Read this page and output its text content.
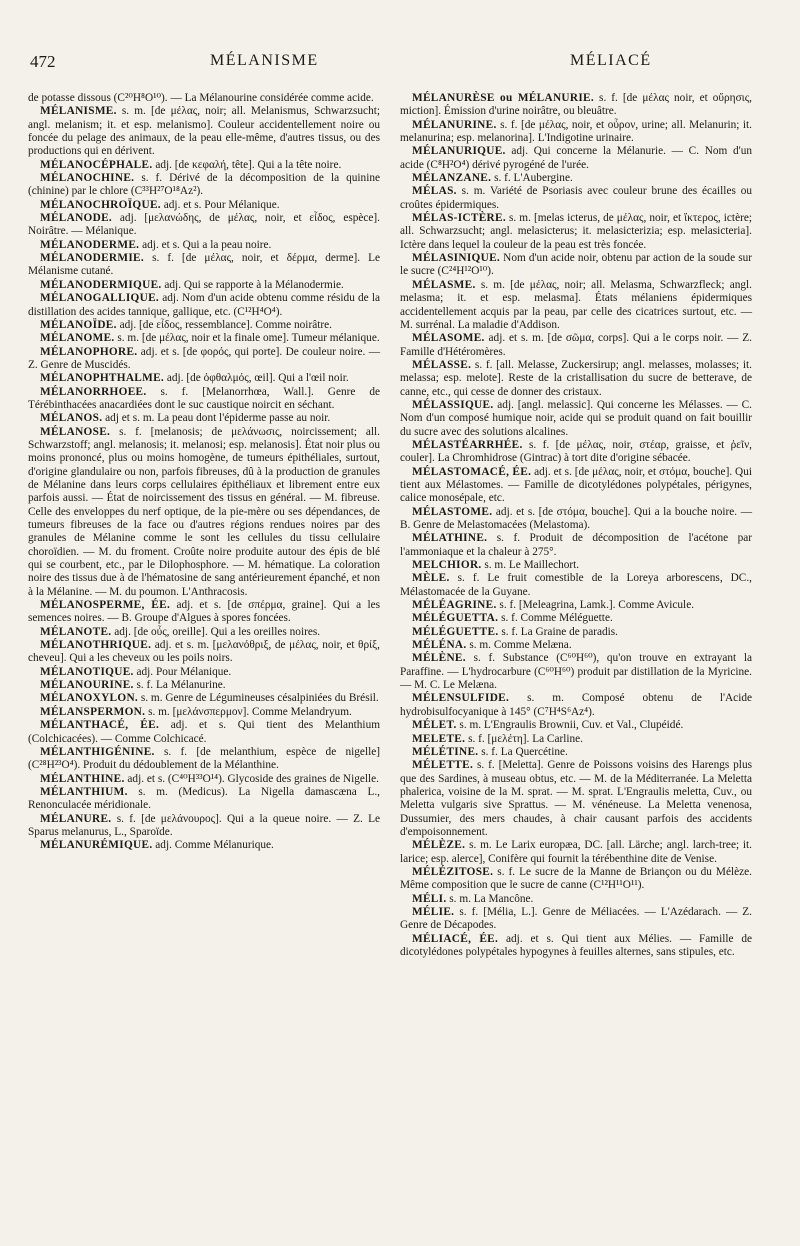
472	MÉLANISME	MÉLIACÉ

de potasse dissous (C²⁰H⁸O¹⁰). — La Mélanourine considérée comme acide.

MÉLANISME. s. m. [de μέλας, noir; all. Melanismus, Schwarzsucht; angl. melanism; it. et esp. melanismo]. Couleur accidentellement noire ou foncée du pelage des animaux, de la peau elle-même, d'autres tissus, ou des productions qui en dérivent.

MÉLANOCÉPHALE. adj. [de κεφαλή, tête]. Qui a la tête noire.

MÉLANOCHINE. s. f. Dérivé de la décomposition de la quinine (chinine) par le chlore (C³³H²⁷O¹⁸Az²).

MÉLANOCHROÏQUE. adj. et s. Pour Mélanique.

MÉLANODE. adj. [μελανώδης, de μέλας, noir, et εἶδος, espèce]. Noirâtre. — Mélanique.

MÉLANODERME. adj. et s. Qui a la peau noire.

MÉLANODERMIE. s. f. [de μέλας, noir, et δέρμα, derme]. Le Mélanisme cutané.

MÉLANODERMIQUE. adj. Qui se rapporte à la Mélanodermie.

MÉLANOGALLIQUE. adj. Nom d'un acide obtenu comme résidu de la distillation des acides tannique, gallique, etc. (C¹²H⁴O⁴).

MÉLANOÏDE. adj. [de εἶδος, ressemblance]. Comme noirâtre.

MÉLANOME. s. m. [de μέλας, noir et la finale ome]. Tumeur mélanique.

MÉLANOPHORE. adj. et s. [de φορός, qui porte]. De couleur noire. — Z. Genre de Muscidés.

MÉLANOPHTHALME. adj. [de ὀφθαλμός, œil]. Qui a l'œil noir.

MÉLANORRHOEE. s. f. [Melanorrhœa, Wall.]. Genre de Térébinthacées anacardiées dont le suc caustique noircit en séchant.

MÉLANOS. adj et s. m. La peau dont l'épiderme passe au noir.

MÉLANOSE. s. f. [melanosis; de μελάνωσις, noircissement; all. Schwarzstoff; angl. melanosis; it. melanosi; esp. melanosis]. État noir plus ou moins prononcé, plus ou moins homogène, de tumeurs épithéliales, surtout, d'origine glandulaire ou non, parfois fibreuses, dû à la production de granules de Mélanine dans leurs corps cellulaires épithéliaux et librement entre eux parfois aussi. — État de noircissement des tissus en général. — M. fibreuse. Celle des enveloppes du nerf optique, de la pie-mère ou ses dépendances, de tumeurs fibreuses de la face ou d'autres régions rendues noires par des granules de Mélanine comme le sont les cellules du tissu cellulaire choroïdien. — M. du froment. Croûte noire produite autour des épis de blé qui se courbent, etc., par le Dilophosphore. — M. hématique. La coloration noire des tissus due à de l'hématosine de sang antérieurement épanché, et non à la Mélanine. — M. du poumon. L'Anthracosis.

MÉLANOSPERME, ÉE. adj. et s. [de σπέρμα, graine]. Qui a les semences noires. — B. Groupe d'Algues à spores foncées.

MÉLANOTE. adj. [de οὖς, oreille]. Qui a les oreilles noires.

MÉLANOTHRIQUE. adj. et s. m. [μελανόθριξ, de μέλας, noir, et θρίξ, cheveu]. Qui a les cheveux ou les poils noirs.

MÉLANOTIQUE. adj. Pour Mélanique.

MÉLANOURINE. s. f. La Mélanurine.

MÉLANOXYLON. s. m. Genre de Légumineuses césalpiniées du Brésil.

MÉLANSPERMON. s. m. [μελάνσπερμον]. Comme Melandryum.

MÉLANTHACÉ, ÉE. adj. et s. Qui tient des Melanthium (Colchicacées). — Comme Colchicacé.

MÉLANTHIGÉNINE. s. f. [de melanthium, espèce de nigelle] (C²⁸H²³O⁴). Produit du dédoublement de la Mélanthine.

MÉLANTHINE. adj. et s. (C⁴⁰H³³O¹⁴). Glycoside des graines de Nigelle.

MÉLANTHIUM. s. m. (Medicus). La Nigella damascæna L., Renonculacée méridionale.

MÉLANURE. s. f. [de μελάνουρος]. Qui a la queue noire. — Z. Le Sparus melanurus, L., Sparoïde.

MÉLANURÉMIQUE. adj. Comme Mélanurique.

MÉLANURÈSE ou MÉLANURIE. s. f. [de μέλας noir, et οὔρησις, miction]. Émission d'urine noirâtre, ou bleuâtre.

MÉLANURINE. s. f. [de μέλας, noir, et οὖρον, urine; all. Melanurin; it. melanurina; esp. melanorina]. L'Indigotine urinaire.

MÉLANURIQUE. adj. Qui concerne la Mélanurie. — C. Nom d'un acide (C⁸H²O⁴) dérivé pyrogéné de l'urée.

MÉLANZANE. s. f. L'Aubergine.

MÉLAS. s. m. Variété de Psoriasis avec couleur brune des écailles ou croûtes épidermiques.

MÉLAS-ICTÈRE. s. m. [melas icterus, de μέλας, noir, et ἴκτερος, ictère; all. Schwarzsucht; angl. melasicterus; it. melasicterizia; esp. melasicteria]. Ictère dans lequel la couleur de la peau est très foncée.

MÉLASINIQUE. Nom d'un acide noir, obtenu par action de la soude sur le sucre (C²⁴H¹²O¹⁰).

MÉLASME. s. m. [de μέλας, noir; all. Melasma, Schwarzfleck; angl. melasma; it. et esp. melasma]. États mélaniens épidermiques accidentellement acquis par la peau, par celle des cicatrices surtout, etc. — M. surrénal. La maladie d'Addison.

MÉLASOME. adj. et s. m. [de σῶμα, corps]. Qui a le corps noir. — Z. Famille d'Hétéromères.

MÉLASSE. s. f. [all. Melasse, Zuckersirup; angl. melasses, molasses; it. melassa; esp. melote]. Reste de la cristallisation du sucre de betterave, de canne, etc., qui cesse de donner des cristaux.

MÉLASSIQUE. adj. [angl. melassic]. Qui concerne les Mélasses. — C. Nom d'un composé humique noir, acide qui se produit quand on fait bouillir du sucre avec des solutions alcalines.

MÉLASTÉARRHÉE. s. f. [de μέλας, noir, στέαρ, graisse, et ῥεῖν, couler]. La Chromhidrose (Gintrac) à tort dite d'origine sébacée.

MÉLASTOMACÉ, ÉE. adj. et s. [de μέλας, noir, et στόμα, bouche]. Qui tient aux Mélastomes. — Famille de dicotylédones polypétales, périgynes, calice monosépale, etc.

MÉLASTOME. adj. et s. [de στόμα, bouche]. Qui a la bouche noire. — B. Genre de Melastomacées (Melastoma).

MÉLATHINE. s. f. Produit de décomposition de l'acétone par l'ammoniaque et la chaleur à 275°.

MELCHIOR. s. m. Le Maillechort.

MÈLE. s. f. Le fruit comestible de la Loreya arborescens, DC., Mélastomacée de la Guyane.

MÉLÉAGRINE. s. f. [Meleagrina, Lamk.]. Comme Avicule.

MÉLÉGUETTA. s. f. Comme Méléguette.

MÉLÉGUETTE. s. f. La Graine de paradis.

MÉLÉNA. s. m. Comme Melæna.

MÉLÈNE. s. f. Substance (C⁶⁰H⁶⁰), qu'on trouve en extrayant la Paraffine. — L'hydrocarbure (C⁶⁰H⁶⁰) produit par distillation de la Myricine. — M. C. Le Melæna.

MÉLENSULFIDE. s. m. Composé obtenu de l'Acide hydrobisulfocyanique à 145° (C⁷H⁴S⁶Az⁴).

MÉLET. s. m. L'Engraulis Brownii, Cuv. et Val., Clupéidé.

MELETE. s. f. [μελέτη]. La Carline.

MÉLÉTINE. s. f. La Quercétine.

MÉLETTE. s. f. [Meletta]. Genre de Poissons voisins des Harengs plus que des Sardines, à museau obtus, etc. — M. de la Méditerranée. La Meletta phalerica, voisine de la M. sprat. — M. sprat. L'Engraulis meletta, Cuv., ou Meletta vulgaris sive Sprattus. — M. vénéneuse. La Meletta venenosa, Dussumier, des mers chaudes, à chair causant parfois des accidents d'empoisonnement.

MÉLÈZE. s. m. Le Larix europæa, DC. [all. Lärche; angl. larch-tree; it. larice; esp. alerce], Conifère qui fournit la térébenthine dite de Venise.

MÉLÉZITOSE. s. f. Le sucre de la Manne de Briançon ou du Mélèze. Même composition que le sucre de canne (C¹²H¹¹O¹¹).

MÉLI. s. m. La Mancône.

MÉLIE. s. f. [Mélia, L.]. Genre de Méliacées. — L'Azédarach. — Z. Genre de Décapodes.

MÉLIACÉ, ÉE. adj. et s. Qui tient aux Mélies. — Famille de dicotylédones polypétales hypogynes à feuilles alternes, sans stipules, etc.
